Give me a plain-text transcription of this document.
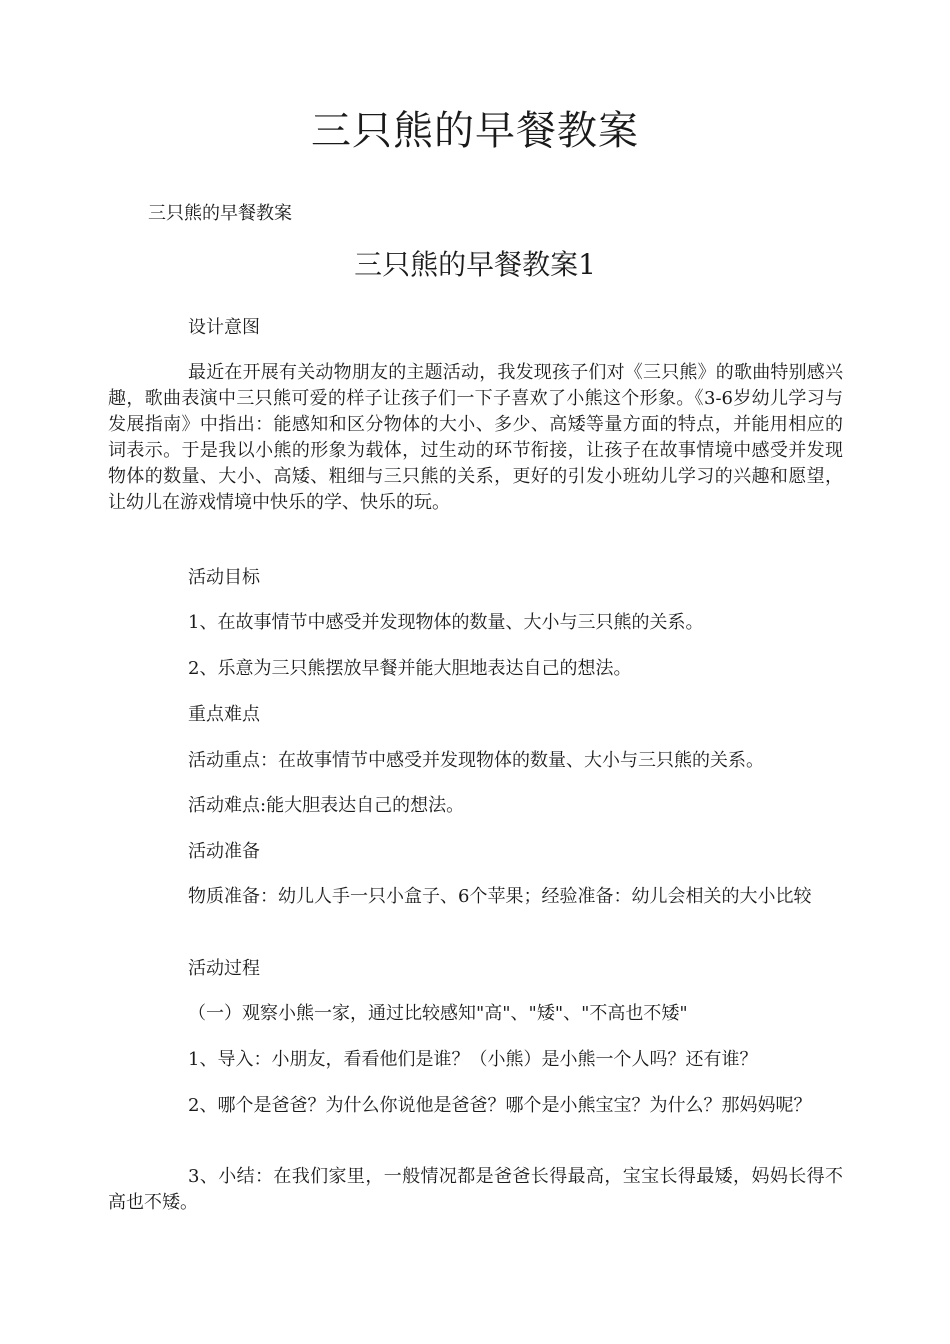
三只熊的早餐教案
三只熊的早餐教案
三只熊的早餐教案1

设计意图

最近在开展有关动物朋友的主题活动，我发现孩子们对《三只熊》的歌曲特别感兴趣，歌曲表演中三只熊可爱的样子让孩子们一下子喜欢了小熊这个形象。《3-6岁幼儿学习与发展指南》中指出：能感知和区分物体的大小、多少、高矮等量方面的特点，并能用相应的词表示。于是我以小熊的形象为载体，过生动的环节衔接，让孩子在故事情境中感受并发现物体的数量、大小、高矮、粗细与三只熊的关系，更好的引发小班幼儿学习的兴趣和愿望，让幼儿在游戏情境中快乐的学、快乐的玩。

活动目标

1、在故事情节中感受并发现物体的数量、大小与三只熊的关系。

2、乐意为三只熊摆放早餐并能大胆地表达自己的想法。

重点难点

活动重点：在故事情节中感受并发现物体的数量、大小与三只熊的关系。

活动难点:能大胆表达自己的想法。

活动准备

物质准备：幼儿人手一只小盒子、6个苹果；经验准备：幼儿会相关的大小比较

活动过程

（一）观察小熊一家，通过比较感知"高"、"矮"、"不高也不矮"

1、导入：小朋友，看看他们是谁？（小熊）是小熊一个人吗？还有谁？

2、哪个是爸爸？为什么你说他是爸爸？哪个是小熊宝宝？为什么？那妈妈呢？

3、小结：在我们家里，一般情况都是爸爸长得最高，宝宝长得最矮，妈妈长得不高也不矮。
